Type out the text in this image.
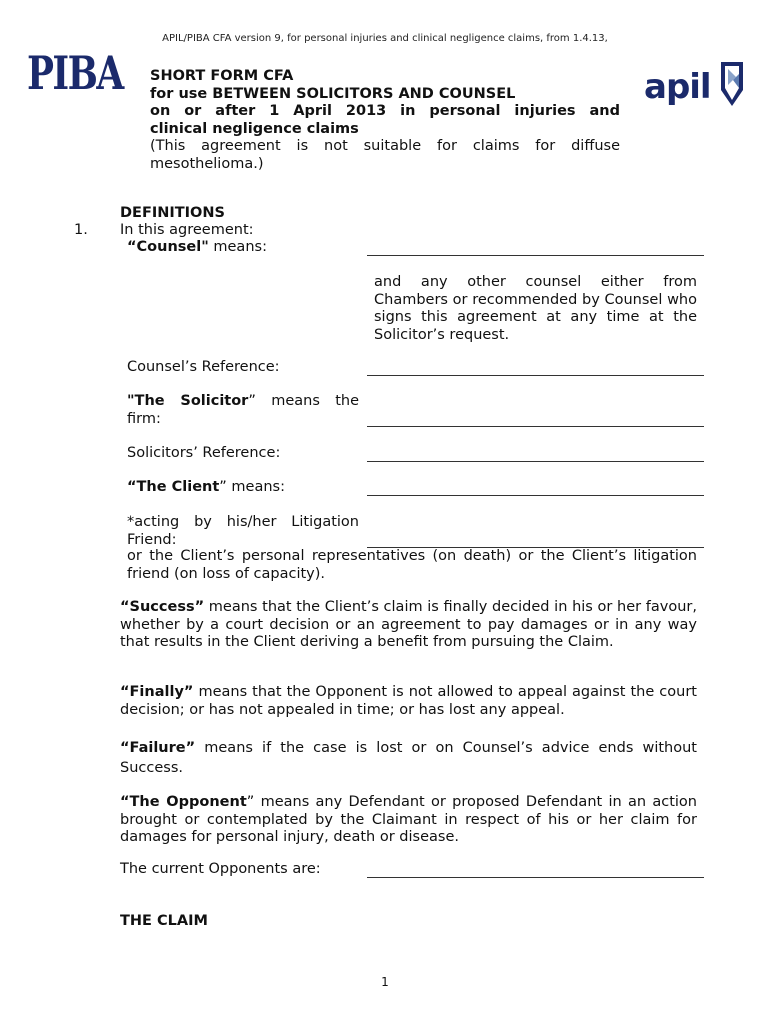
APIL/PIBA CFA version 9, for personal injuries and clinical negligence claims, from 1.4.13,
PIBA	apil
SHORT FORM CFA
for use BETWEEN SOLICITORS AND COUNSEL
on or after 1 April 2013 in personal injuries and
clinical negligence claims
(This agreement is not suitable for claims for diffuse mesothelioma.)
DEFINITIONS
1. In this agreement:
“Counsel" means:
and any other counsel either from Chambers or recommended by Counsel who signs this agreement at any time at the Solicitor’s request.
Counsel’s Reference:
"The Solicitor” means the firm:
Solicitors’ Reference:
“The Client” means:
*acting by his/her Litigation Friend:
or the Client’s personal representatives (on death) or the Client’s litigation friend (on loss of capacity).
“Success” means that the Client’s claim is finally decided in his or her favour, whether by a court decision or an agreement to pay damages or in any way that results in the Client deriving a benefit from pursuing the Claim.
“Finally” means that the Opponent is not allowed to appeal against the court decision; or has not appealed in time; or has lost any appeal.
“Failure” means if the case is lost or on Counsel’s advice ends without Success.
“The Opponent” means any Defendant or proposed Defendant in an action brought or contemplated by the Claimant in respect of his or her claim for damages for personal injury, death or disease.
The current Opponents are:
THE CLAIM
1
